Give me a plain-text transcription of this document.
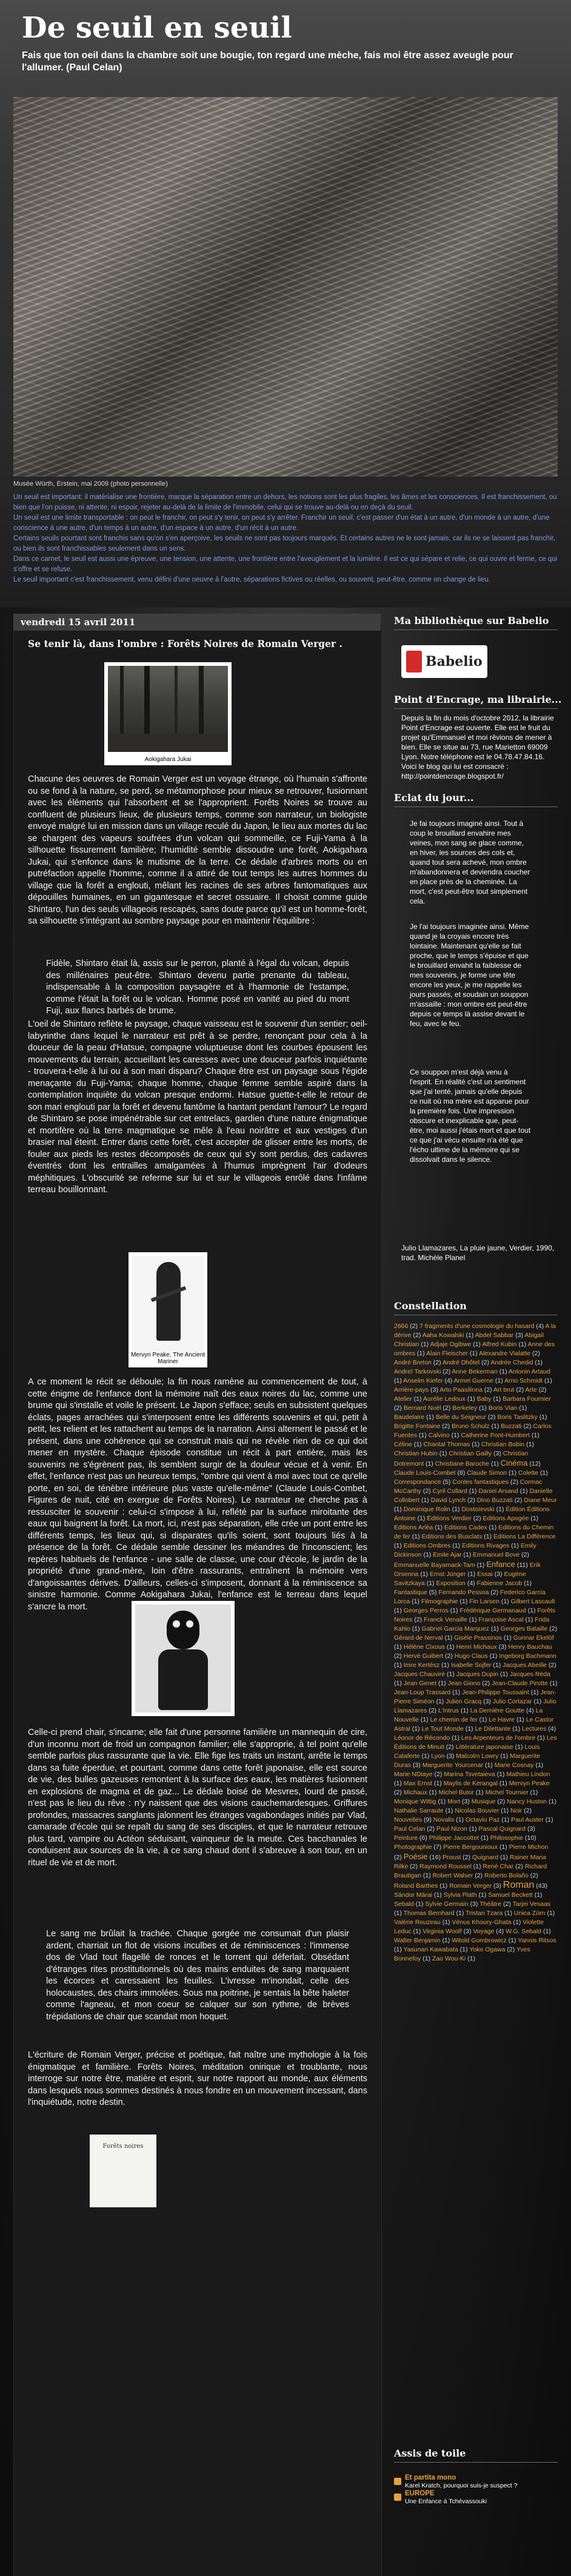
De seuil en seuil
Fais que ton oeil dans la chambre soit une bougie, ton regard une mèche, fais moi être assez aveugle pour l'allumer. (Paul Celan)
Musée Würth, Erstein, mai 2009 (photo personnelle)

Un seuil est important: il matérialise une frontière, marque la séparation entre un dehors, les notions sont les plus fragiles, les âmes et les consciences. Il est franchissement, ou bien que l'on puisse, ni attente, ni espoir, rejeter au-delà de la limite de l'immobile, celui qui se trouve au-delà ou en deçà du seuil.

Un seuil est une limite transportable : on peut le franchir, on peut s'y tenir, on peut s'y arrêter. Franchir un seuil, c'est passer d'un état à un autre, d'un monde à un autre, d'une conscience à une autre, d'un temps à un autre, d'un espace à un autre, d'un récit à un autre.

Certains seuils pourtant sont franchis sans qu'on s'en aperçoive, les seuils ne sont pas toujours marqués. Et certains autres ne le sont jamais, car ils ne se laissent pas franchir, ou bien ils sont franchissables seulement dans un sens.

Dans ce carnet, le seuil est aussi une épreuve, une tension, une attente, une frontière entre l'aveuglement et la lumière. Il est ce qui sépare et relie, ce qui ouvre et ferme, ce qui s'offre et se refuse.

Le seuil important c'est franchissement, venu défini d'une oeuvre à l'autre, séparations fictives ou réelles, ou souvent, peut-être, comme on change de lieu.

vendredi 15 avril 2011
Se tenir là, dans l'ombre : Forêts Noires de Romain Verger .
Aokigahara Jukai

Chacune des oeuvres de Romain Verger est un voyage étrange, où l'humain s'affronte ou se fond à la nature, se perd, se métamorphose pour mieux se retrouver, fusionnant avec les éléments qui l'absorbent et se l'approprient. Forêts Noires se trouve au confluent de plusieurs lieux, de plusieurs temps, comme son narrateur, un biologiste envoyé malgré lui en mission dans un village reculé du Japon, le lieu aux mortes du lac se chargent des vapeurs soufrées d'un volcan qui sommeille, ce Fuji-Yama à la silhouette fissurement familière; l'humidité semble dissoudre une forêt, Aokigahara Jukai, qui s'enfonce dans le mutisme de la terre. Ce dédale d'arbres morts ou en putréfaction appelle l'homme, comme il a attiré de tout temps les autres hommes du village que la forêt a englouti, mêlant les racines de ses arbres fantomatiques aux dépouilles humaines, en un gigantesque et secret ossuaire. Il choisit comme guide Shintaro, l'un des seuls villageois rescapés, sans doute parce qu'il est un homme-forêt, sa silhouette s'intégrant au sombre paysage pour en maintenir l'équilibre :

Fidèle, Shintaro était là, assis sur le perron, planté à l'égal du volcan, depuis des millénaires peut-être. Shintaro devenu partie prenante du tableau, indispensable à la composition paysagère et à l'harmonie de l'estampe, comme l'était la forêt ou le volcan. Homme posé en vanité au pied du mont Fuji, aux flancs barbés de brume.

L'oeil de Shintaro reflète le paysage, chaque vaisseau est le souvenir d'un sentier; oeil-labyrinthe dans lequel le narrateur est prêt à se perdre, renonçant pour cela à la douceur de la peau d'Hatsue, compagne voluptueuse dont les courbes épousent les mouvements du terrain, accueillant les caresses avec une douceur parfois inquiétante - trouvera-t-elle à lui ou à son mari disparu? Chaque être est un paysage sous l'égide menaçante du Fuji-Yama; chaque homme, chaque femme semble aspiré dans la contemplation inquiète du volcan presque endormi. Hatsue guette-t-elle le retour de son mari englouti par la forêt et devenu fantôme la hantant pendant l'amour? Le regard de Shintaro se pose impénétrable sur cet entrelacs, gardien d'une nature énigmatique et mortifère où la terre magmatique se mêle à l'eau noirâtre et aux vestiges d'un brasier mal éteint. Entrer dans cette forêt, c'est accepter de glisser entre les morts, de fouler aux pieds les restes décomposés de ceux qui s'y sont perdus, des cadavres éventrés dont les entrailles amalgamées à l'humus imprègnent l'air d'odeurs méphitiques. L'obscurité se referme sur lui et sur le villageois enrôlé dans l'infâme terreau bouillonnant.

Mervyn Peake, The Ancient Mariner

A ce moment le récit se déboule; la fin nous ramène au commencement de tout, à cette énigme de l'enfance dont la mémoire naît des eaux noires du lac, comme une brume qui s'installe et voile le présent. Le Japon s'efface; seuls en subsistent quelques éclats, pages arrachées qui s'interposent entre les différents souvenirs et qui, petit à petit, les relient et les rattachent au temps de la narration. Ainsi alternent le passé et le présent, dans une cohérence qui se construit mais qui ne révèle rien de ce qui doit mener en mystère. Chaque épisode constitue un récit à part entière, mais les souvenirs ne s'égrènent pas, ils semblent surgir de la douleur vécue et à venir. En effet, l'enfance n'est pas un heureux temps, "ombre qui vient à moi avec tout ce qu'elle porte, en soi, de ténèbre intérieure plus vaste qu'elle-même" (Claude Louis-Combet, Figures de nuit, cité en exergue de Forêts Noires). Le narrateur ne cherche pas à ressusciter le souvenir : celui-ci s'impose à lui, reflété par la surface miroitante des eaux qui baignent la forêt. La mort, ici, n'est pas séparation, elle crée un pont entre les différents temps, les lieux qui, si disparates qu'ils soient, sont toujours liés à la présence de la forêt. Ce dédale semble dessiner les méandres de l'inconscient; les repères habituels de l'enfance - une salle de classe, une cour d'école, le jardin de la propriété d'une grand-mère, loin d'être rassurants, entraînent la mémoire vers d'angoissantes dérives. D'ailleurs, celles-ci s'imposent, donnant à la réminiscence sa sinistre harmonie. Comme Aokigahara Jukai, l'enfance est le terreau dans lequel s'ancre la mort.

Celle-ci prend chair, s'incarne; elle fait d'une personne familière un mannequin de cire, d'un inconnu mort de froid un compagnon familier; elle s'approprie, à tel point qu'elle semble parfois plus rassurante que la vie. Elle fige les traits un instant, arrête le temps dans sa fuite éperdue, et pourtant, comme dans cette forêt japonaise, elle est source de vie, des bulles gazeuses remontent à la surface des eaux, les matières fusionnent en explosions de magma et de gaz... Le dédale boisé de Mesvres, lourd de passé, n'est pas le lieu du rêve : n'y naissent que des visions cauchemardesques. Griffures profondes, massacres sanglants jalonnent les étranges vagabondages initiés par Vlad, camarade d'école qui se repaît du sang de ses disciples, et que le narrateur retrouve plus tard, vampire ou Actéon séduisant, vainqueur de la meute. Ces bacchanales le conduisent aux sources de la vie, à ce sang chaud dont il s'abreuve à son tour, en un rituel de vie et de mort.

Le sang me brûlait la trachée. Chaque gorgée me consumait d'un plaisir ardent, charriait un flot de visions inculbes et de réminiscences : l'immense dos de Vlad tout flagellé de ronces et le torrent qui déferlait. Obsédant d'étranges rites prostitutionnels où des mains enduites de sang marquaient les écorces et caressaient les feuilles. L'ivresse m'inondait, celle des holocaustes, des chairs immolées. Sous ma poitrine, je sentais la bête haleter comme l'agneau, et mon coeur se calquer sur son rythme, de brèves trépidations de chair que scandait mon hoquet.

L'écriture de Romain Verger, précise et poétique, fait naître une mythologie à la fois énigmatique et familière. Forêts Noires, méditation onirique et troublante, nous interroge sur notre être, matière et esprit, sur notre rapport au monde, aux éléments dans lesquels nous sommes destinés à nous fondre en un mouvement incessant, dans l'inquiétude, notre destin.

Forêts noires
Ma bibliothèque sur Babelio
Babelio
Point d'Encrage, ma librairie...

Depuis la fin du mois d'octobre 2012, la librairie Point d'Encrage est ouverte. Elle est le fruit du projet qu'Emmanuel et moi rêvions de mener à bien. Elle se situe au 73, rue Marietton 69009 Lyon. Notre téléphone est le 04.78.47.84.16. Voici le blog qui lui est consacré : http://pointdencrage.blogspot.fr/

Eclat du jour...

Je fai toujours imaginé ainsi. Tout à coup le brouillard envahire mes veines, mon sang se glace comme, en hiver, les sources des cols et, quand tout sera achevé, mon ombre m'abandonnera et deviendra coucher en place près de la cheminée. La mort, c'est peut-être tout simplement cela.

Je l'ai toujours imaginée ainsi. Même quand je la croyais encore très lointaine. Maintenant qu'elle se fait proche, que le temps s'épuise et que le brouillard envahit la faiblesse de mes souvenirs, je forme une tête encore les yeux, je me rappelle les jours passés, et soudain un souppon m'assaille : mon ombre est peut-être depuis ce temps là assise devant le feu, avec le feu.

Ce souppon m'est déjà venu à l'esprit. En réalité c'est un sentiment que j'ai tenté, jamais qu'elle depuis ce nuit où ma mère est apparue pour la première fois. Une impression obscure et inexplicable que, peut-être, moi aussi j'étais mort et que tout ce que j'ai vécu ensuite n'a été que l'écho ultime de la mémoire qui se dissolvait dans le silence.

Julio Llamazares, La pluie jaune, Verdier, 1990, trad. Michèle Planel

Constellation
2666 (2) 7 fragments d'une cosmologie du hasard (4) A la dérive (2) Aaha Kowalski (1) Abdel Sabbar (3) Abigail Christian (1) Adjaje Ogibwe (1) Alfred Kubin (1) Anne des ombres (1) Alain Fleischer (1) Alexandre Vialatte (2) André Breton (2) André Dhôtel (2) Andrée Chedid (1) Andreï Tarkovski (2) Anne Bekerman (1) Antonin Artaud (1) Anselm Kiefer (4) Armel Guerne (1) Arno Schmidt (1) Arrière-pays (3) Arto Paasilinna (2) Art brut (2) Arte (2) Atelier (1) Aurélie Ledoux (1) Baby (1) Barbara Fournier (2) Bernard Noël (2) Berkeley (1) Boris Vian (1) Baudelaire (1) Belle du Seigneur (2) Boris Taslitzky (1) Brigitte Fontaine (2) Bruno Schulz (1) Buzzati (2) Carlos Fuentes (1) Calvino (1) Catherine Pont-Humbert (1) Céline (1) Chantal Thomas (1) Christian Bobin (1) Christian Hubin (1) Christian Gailly (3) Christian Dotremont (1) Christiane Baroche (1) Cinéma (12) Claude Louis-Combet (8) Claude Simon (1) Colette (1) Correspondance (5) Contes fantastiques (2) Cormac McCarthy (2) Cyril Collard (1) Daniel Arsand (1) Danielle Collobert (1) David Lynch (2) Dino Buzzati (2) Diane Meur (1) Dominique Rolin (1) Dostoïevski (1) Édition Éditions Antoine (1) Éditions Verdier (2) Editions Apogée (1) Editions Arléa (1) Editions Cadex (1) Editions du Chemin de fer (1) Editions des Busclats (1) Editions La Différence (1) Editions Ombres (1) Editions Rivages (1) Emily Dickinson (1) Emile Ajar (1) Emmanuel Bove (2) Emmanuelle Bayamack-Tam (1) Enfance (11) Erik Orsenna (1) Ernst Jünger (1) Essai (3) Eugène Savitzkaya (1) Exposition (4) Fabienne Jacob (1) Fantastique (5) Fernando Pessoa (2) Federico Garcia Lorca (1) Filmographie (1) Fin Larsen (1) Gilbert Lascault (1) Georges Perros (1) Frédérique Germanaud (1) Forêts Noires (2) Franck Venaille (1) Françoise Ascal (1) Frida Kahlo (1) Gabriel Garcia Marquez (1) Georges Bataille (2) Gérard de Nerval (1) Gisèle Prassinos (1) Gunnar Ekelöf (1) Hélène Cixous (1) Henri Michaux (3) Henry Bauchau (2) Hervé Guibert (2) Hugo Claus (1) Ingeborg Bachmann (1) Imre Kertész (1) Isabelle Sojfer (1) Jacques Abeille (2) Jacques Chauviré (1) Jacques Dupin (1) Jacques Réda (1) Jean Genet (1) Jean Giono (2) Jean-Claude Pirotte (1) Jean-Loup Trassard (1) Jean-Philippe Toussaint (1) Jean-Pierre Siméon (1) Julien Gracq (3) Julio Cortazar (1) Julio Llamazares (2) L'Intrus (1) La Dernière Goutte (4) La Nouvelle (1) Le chemin de fer (1) Le Havre (1) Le Castor Astral (1) Le Tout Monde (1) Le Dilettante (1) Lectures (4) Léonor de Récondo (1) Les Arpenteurs de l'ombre (1) Les Éditions de Minuit (2) Littérature japonaise (1) Louis Calaferte (1) Lyon (3) Malcolm Lowry (1) Marguerite Duras (3) Marguerite Yourcenar (1) Marie Cosnay (1) Marie NDiaye (2) Marina Tsvetaieva (1) Mathieu Lindon (1) Max Ernst (1) Maylis de Kerangal (1) Mervyn Peake (2) Michaux (1) Michel Butor (1) Michel Tournier (1) Monique Wittig (1) Mort (3) Musique (2) Nancy Huston (1) Nathalie Sarraute (1) Nicolas Bouvier (1) Noir (2) Nouvelles (9) Novalis (1) Octavio Paz (1) Paul Auster (1) Paul Celan (2) Paul Nizon (1) Pascal Quignard (3) Peinture (6) Philippe Jaccottet (1) Philosophie (10) Photographie (7) Pierre Bergounioux (1) Pierre Michon (2) Poésie (16) Proust (2) Quignard (1) Rainer Maria Rilke (2) Raymond Roussel (1) René Char (2) Richard Brautigan (1) Robert Walser (2) Roberto Bolaño (2) Roland Barthes (1) Romain Verger (3) Roman (43) Sándor Márai (1) Sylvia Plath (1) Samuel Beckett (1) Sebald (1) Sylvie Germain (3) Théâtre (2) Tarjei Vesaas (1) Thomas Bernhard (1) Tristan Tzara (1) Unica Zürn (1) Valérie Rouzeau (1) Vénus Khoury-Ghata (1) Violette Leduc (1) Virginia Woolf (3) Voyage (4) W.G. Sebald (1) Walter Benjamin (1) Witold Gombrowicz (1) Yannis Ritsos (1) Yasunari Kawabata (1) Yoko Ogawa (2) Yves Bonnefoy (1) Zao Wou-Ki (1)
Assis de toile
Et partita mono
Karel Kratch, pourquoi suis-je suspect ?
EUROPE
Une Enfance à Tchévassouki
